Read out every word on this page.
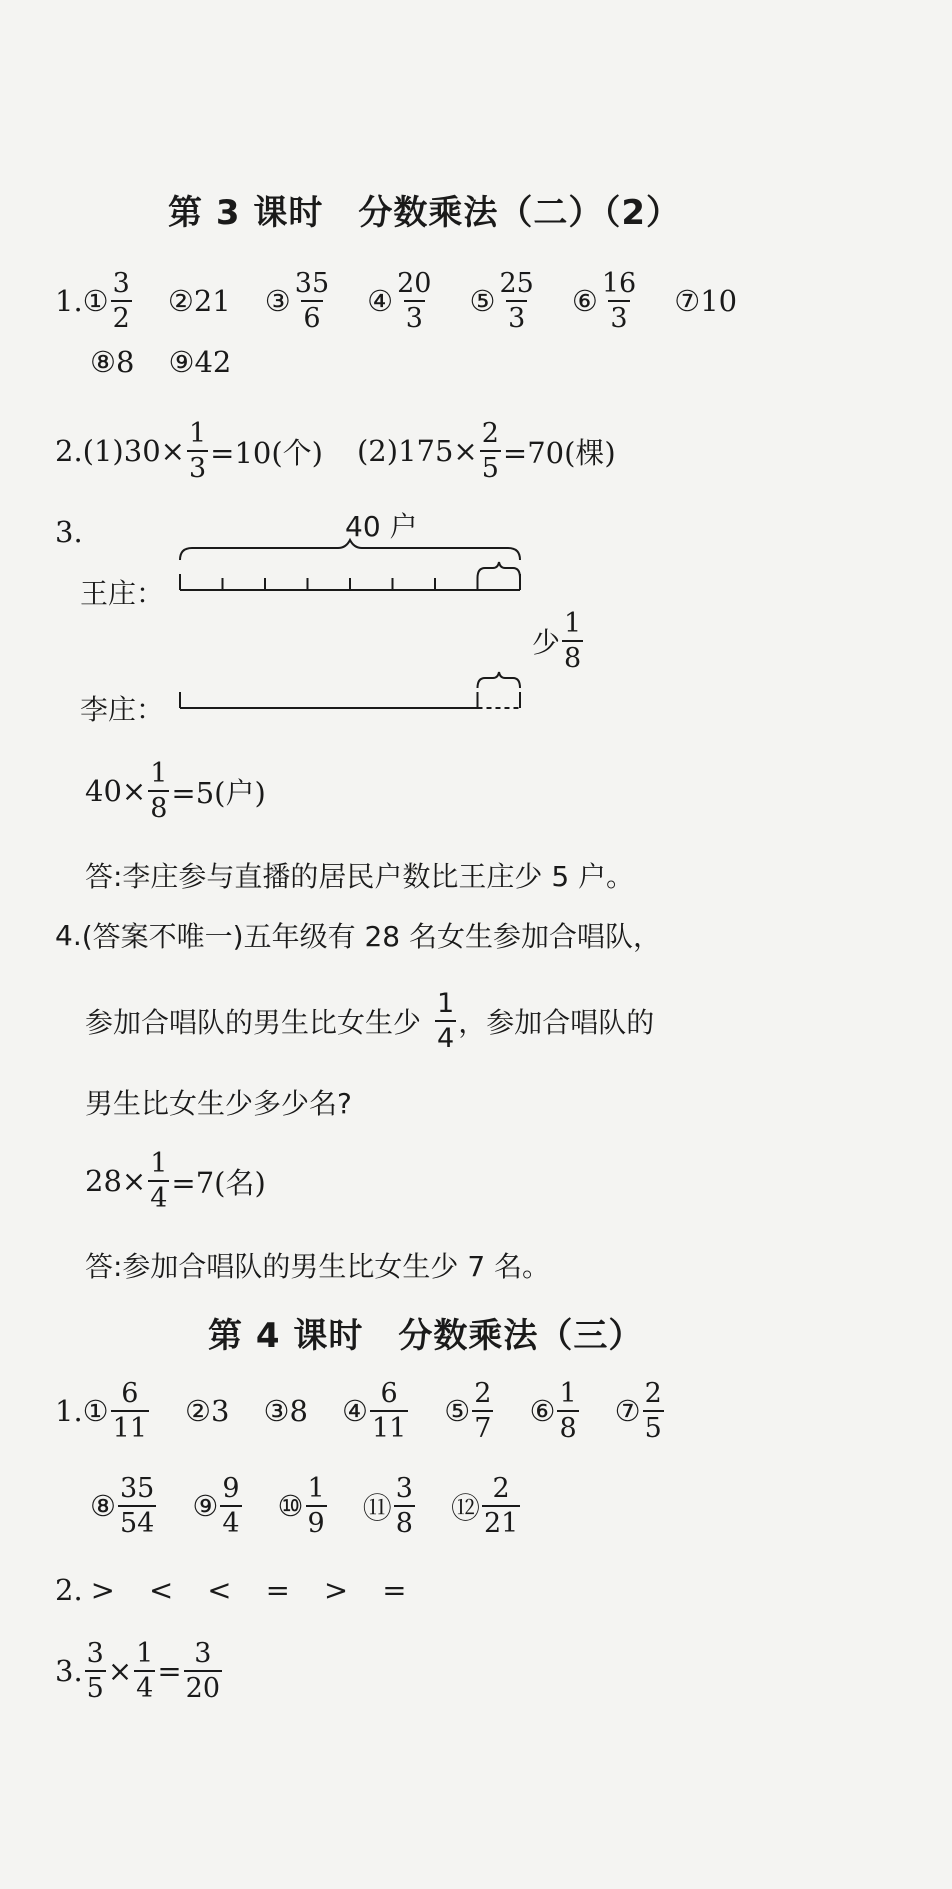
第 3 课时　分数乘法（二）（2）
1. ① $\frac{3}{2}$ ② 21 ③ $\frac{35}{6}$ ④ $\frac{20}{3}$ ⑤ $\frac{25}{3}$ ⑥ $\frac{16}{3}$ ⑦ 10
⑧ 8 ⑨ 42
2. $(1)30\times \frac{1}{3} =10$(个) $(2)175\times \frac{2}{5} =70$(棵)
3.	40 户
王庄：
李庄：
少 $\frac{1}{8}$
$40\times \frac{1}{8} =5$(户)
答:李庄参与直播的居民户数比王庄少 5 户。
4. (答案不唯一)五年级有 28 名女生参加合唱队，
参加合唱队的男生比女生少 $\frac{1}{4}$ ，参加合唱队的
男生比女生少多少名?
$28\times \frac{1}{4} =7$(名)
答:参加合唱队的男生比女生少 7 名。
第 4 课时　分数乘法（三）
1. ① $\frac{6}{11}$ ② 3 ③ 8 ④ $\frac{6}{11}$ ⑤ $\frac{2}{7}$ ⑥ $\frac{1}{8}$ ⑦ $\frac{2}{5}$
⑧ $\frac{35}{54}$ ⑨ $\frac{9}{4}$ ⑩ $\frac{1}{9}$ ⑪ $\frac{3}{8}$ ⑫ $\frac{2}{21}$
2. > < < = > =
3. $\frac{3}{5} \times \frac{1}{4} = \frac{3}{20}$
